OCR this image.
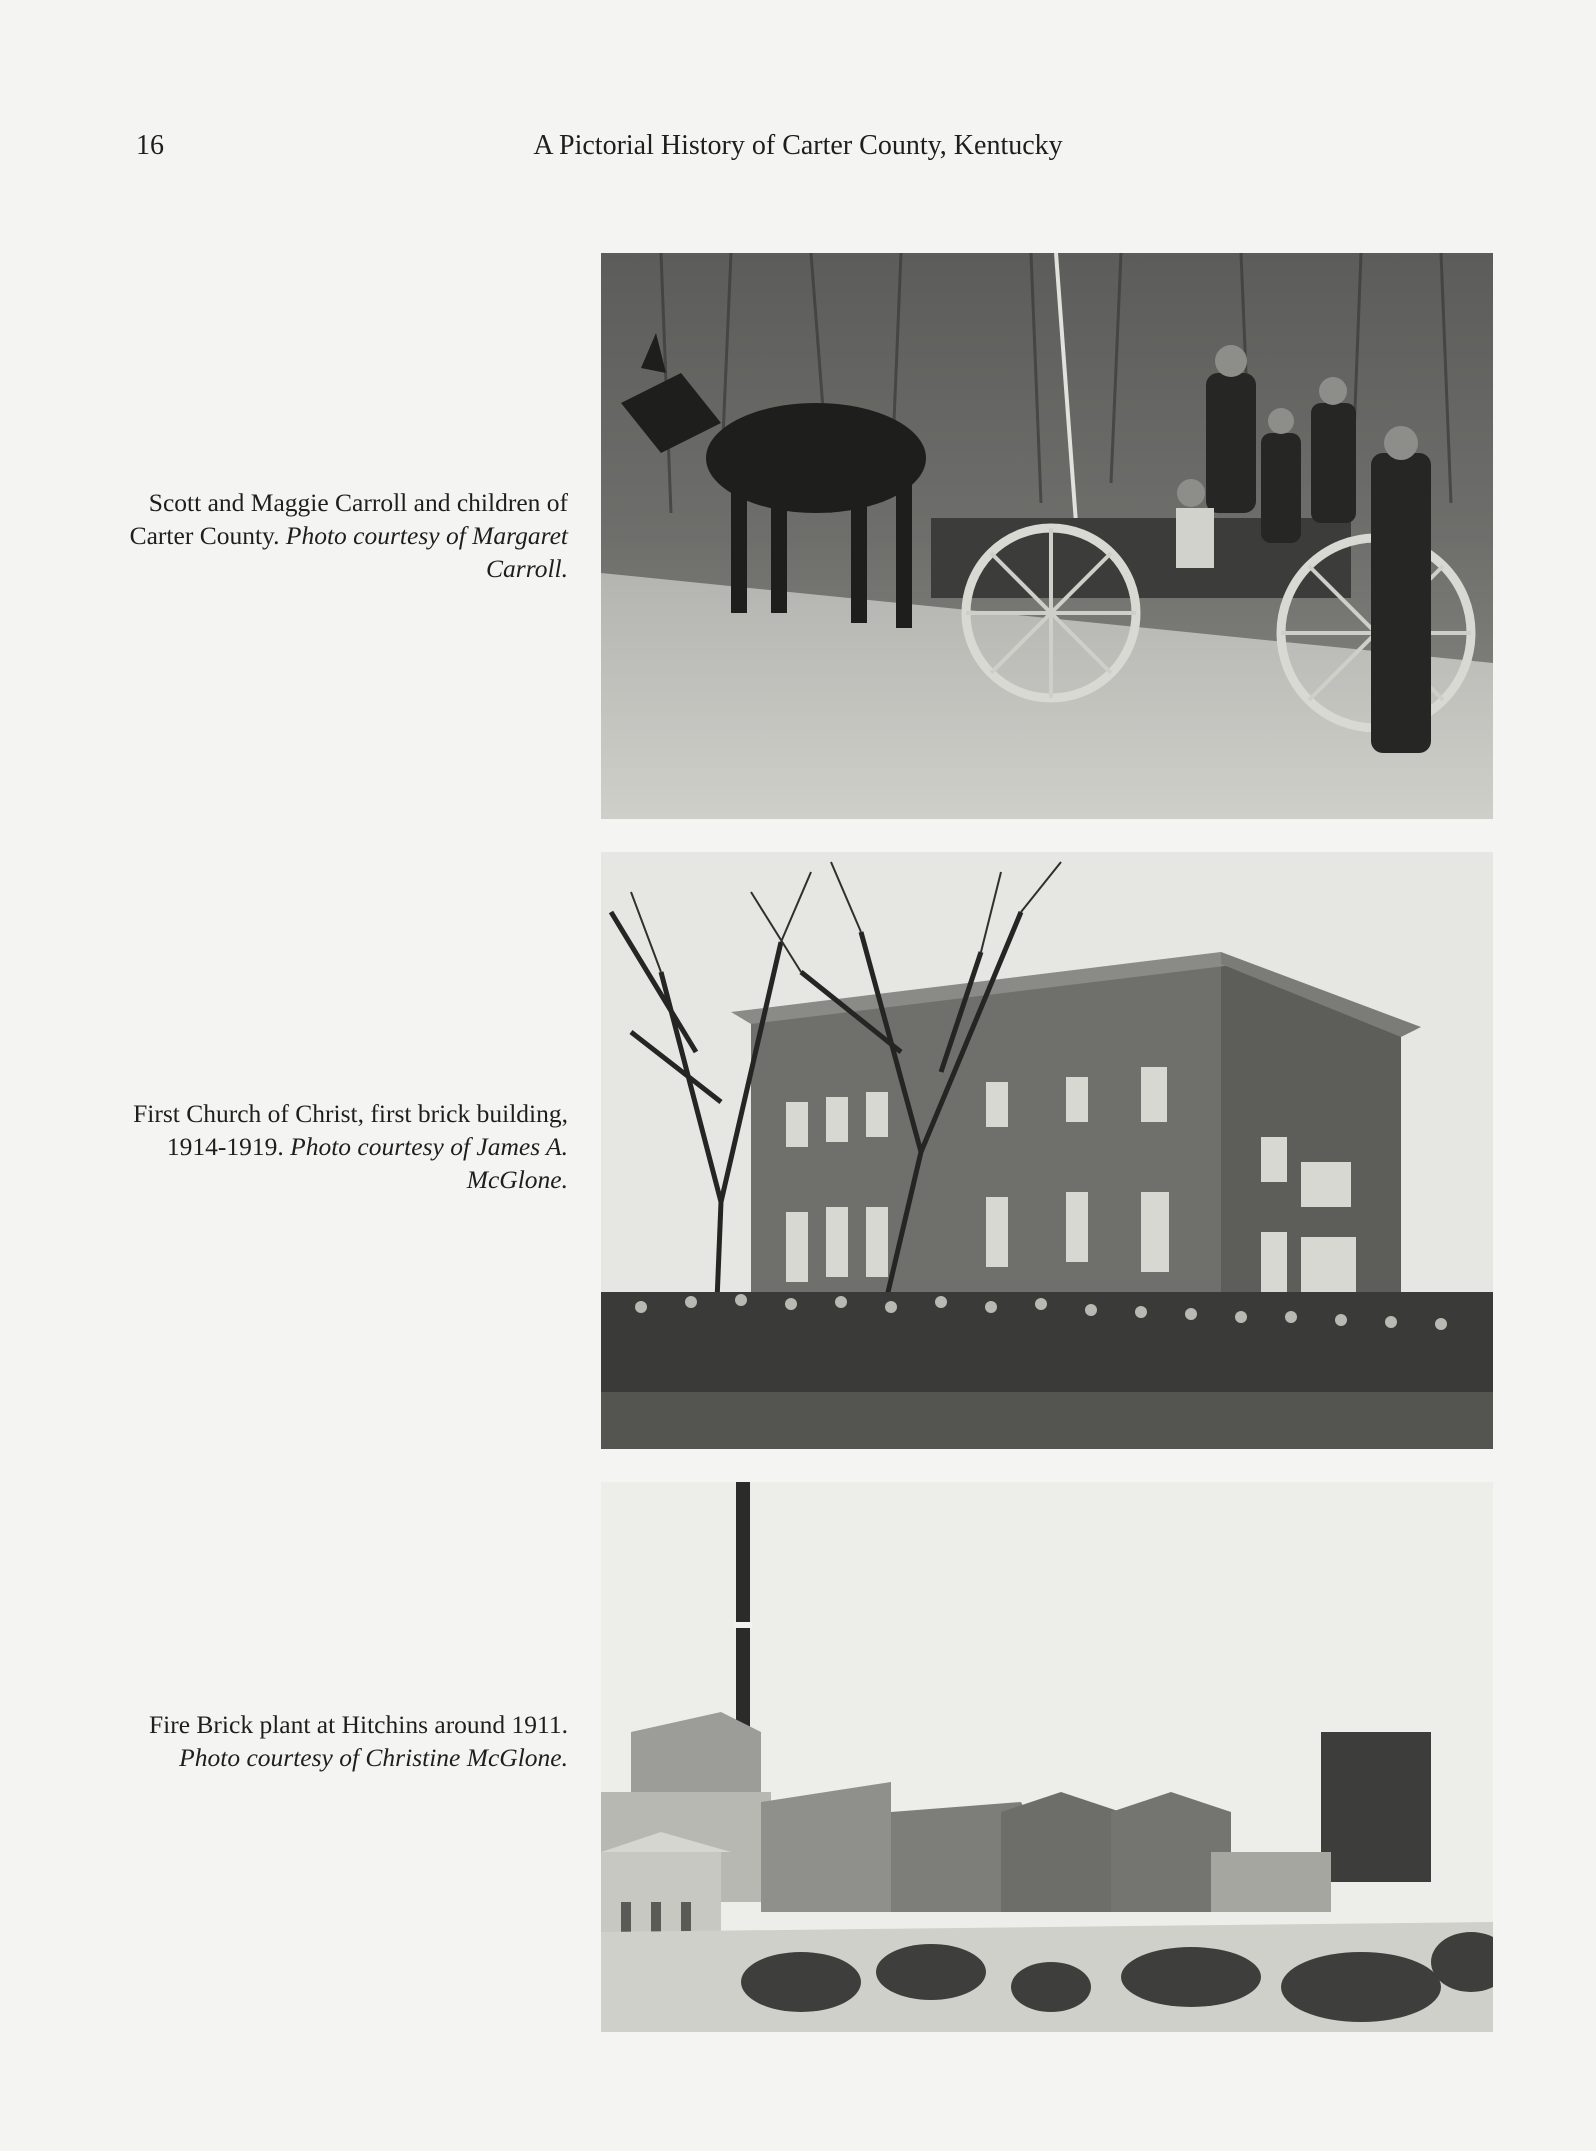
16	A Pictorial History of Carter County, Kentucky
Scott and Maggie Carroll and children of Carter County. Photo courtesy of Margaret Carroll.
First Church of Christ, first brick building, 1914-1919. Photo courtesy of James A. McGlone.
Fire Brick plant at Hitchins around 1911. Photo courtesy of Christine McGlone.
